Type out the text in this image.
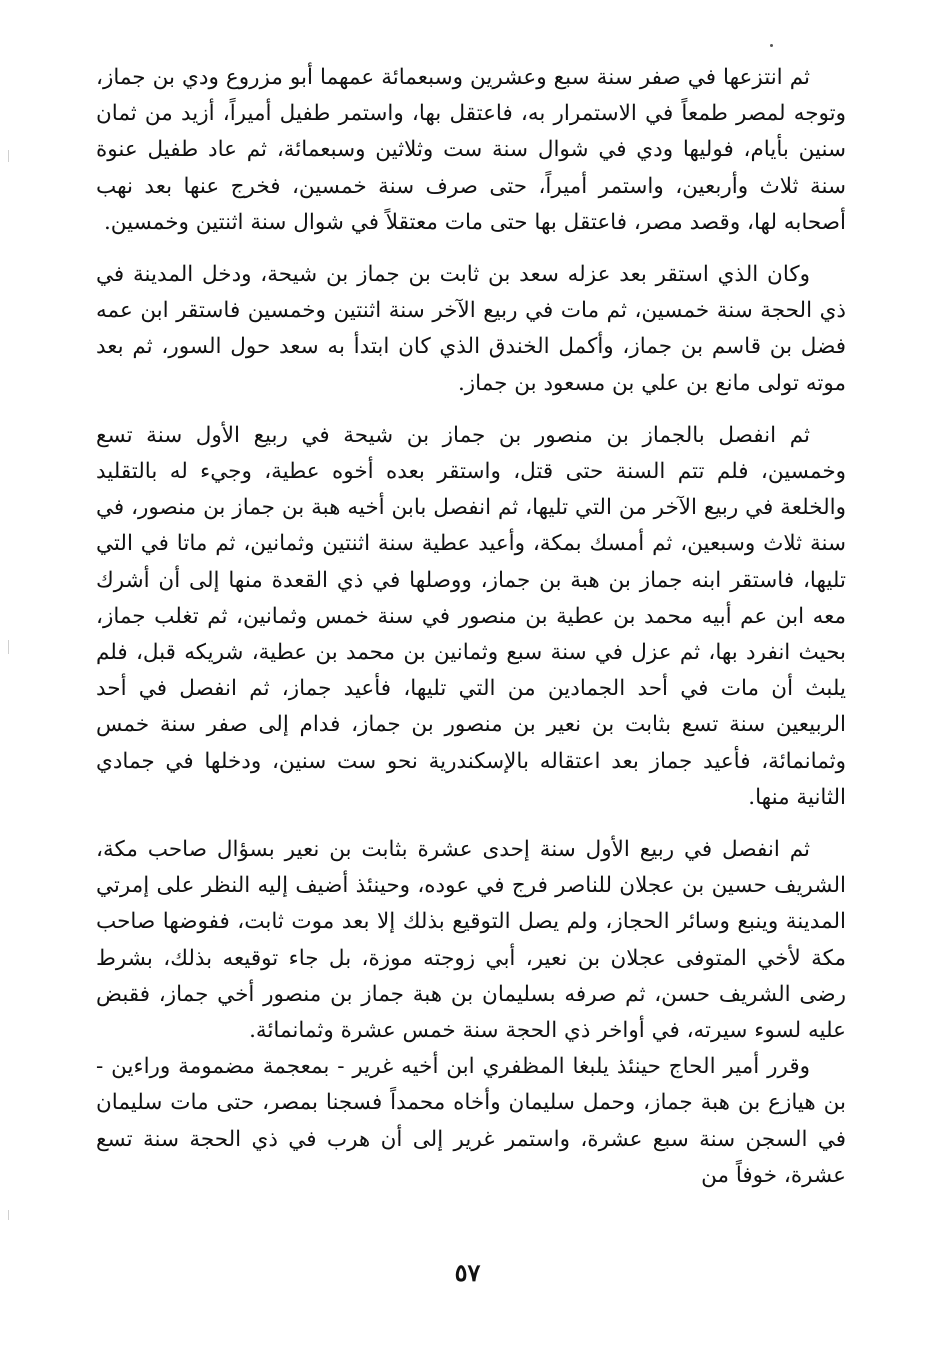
ثم انتزعها في صفر سنة سبع وعشرين وسبعمائة عمهما أبو مزروع ودي بن جماز، وتوجه لمصر طمعاً في الاستمرار به، فاعتقل بها، واستمر طفيل أميراً، أزيد من ثمان سنين بأيام، فوليها ودي في شوال سنة ست وثلاثين وسبعمائة، ثم عاد طفيل عنوة سنة ثلاث وأربعين، واستمر أميراً، حتى صرف سنة خمسين، فخرج عنها بعد نهب أصحابه لها، وقصد مصر، فاعتقل بها حتى مات معتقلاً في شوال سنة اثنتين وخمسين.

وكان الذي استقر بعد عزله سعد بن ثابت بن جماز بن شيحة، ودخل المدينة في ذي الحجة سنة خمسين، ثم مات في ربيع الآخر سنة اثنتين وخمسين فاستقر ابن عمه فضل بن قاسم بن جماز، وأكمل الخندق الذي كان ابتدأ به سعد حول السور، ثم بعد موته تولى مانع بن علي بن مسعود بن جماز.

ثم انفصل بالجماز بن منصور بن جماز بن شيحة في ربيع الأول سنة تسع وخمسين، فلم تتم السنة حتى قتل، واستقر بعده أخوه عطية، وجيء له بالتقليد والخلعة في ربيع الآخر من التي تليها، ثم انفصل بابن أخيه هبة بن جماز بن منصور، في سنة ثلاث وسبعين، ثم أمسك بمكة، وأعيد عطية سنة اثنتين وثمانين، ثم ماتا في التي تليها، فاستقر ابنه جماز بن هبة بن جماز، ووصلها في ذي القعدة منها إلى أن أشرك معه ابن عم أبيه محمد بن عطية بن منصور في سنة خمس وثمانين، ثم تغلب جماز، بحيث انفرد بها، ثم عزل في سنة سبع وثمانين بن محمد بن عطية، شريكه قبل، فلم يلبث أن مات في أحد الجمادين من التي تليها، فأعيد جماز، ثم انفصل في أحد الربيعين سنة تسع بثابت بن نعير بن منصور بن جماز، فدام إلى صفر سنة خمس وثمانمائة، فأعيد جماز بعد اعتقاله بالإسكندرية نحو ست سنين، ودخلها في جمادي الثانية منها.

ثم انفصل في ربيع الأول سنة إحدى عشرة بثابت بن نعير بسؤال صاحب مكة، الشريف حسين بن عجلان للناصر فرج في عوده، وحينئذ أضيف إليه النظر على إمرتي المدينة وينبع وسائر الحجاز، ولم يصل التوقيع بذلك إلا بعد موت ثابت، ففوضها صاحب مكة لأخي المتوفى عجلان بن نعير، أبي زوجته موزة، بل جاء توقيعه بذلك، بشرط رضى الشريف حسن، ثم صرفه بسليمان بن هبة جماز بن منصور أخي جماز، فقبض عليه لسوء سيرته، في أواخر ذي الحجة سنة خمس عشرة وثمانمائة.

وقرر أمير الحاج حينئذ يلبغا المظفري ابن أخيه غرير - بمعجمة مضمومة وراءين - بن هيازع بن هبة جماز، وحمل سليمان وأخاه محمداً فسجنا بمصر، حتى مات سليمان في السجن سنة سبع عشرة، واستمر غرير إلى أن هرب في ذي الحجة سنة تسع عشرة، خوفاً من

٥٧
